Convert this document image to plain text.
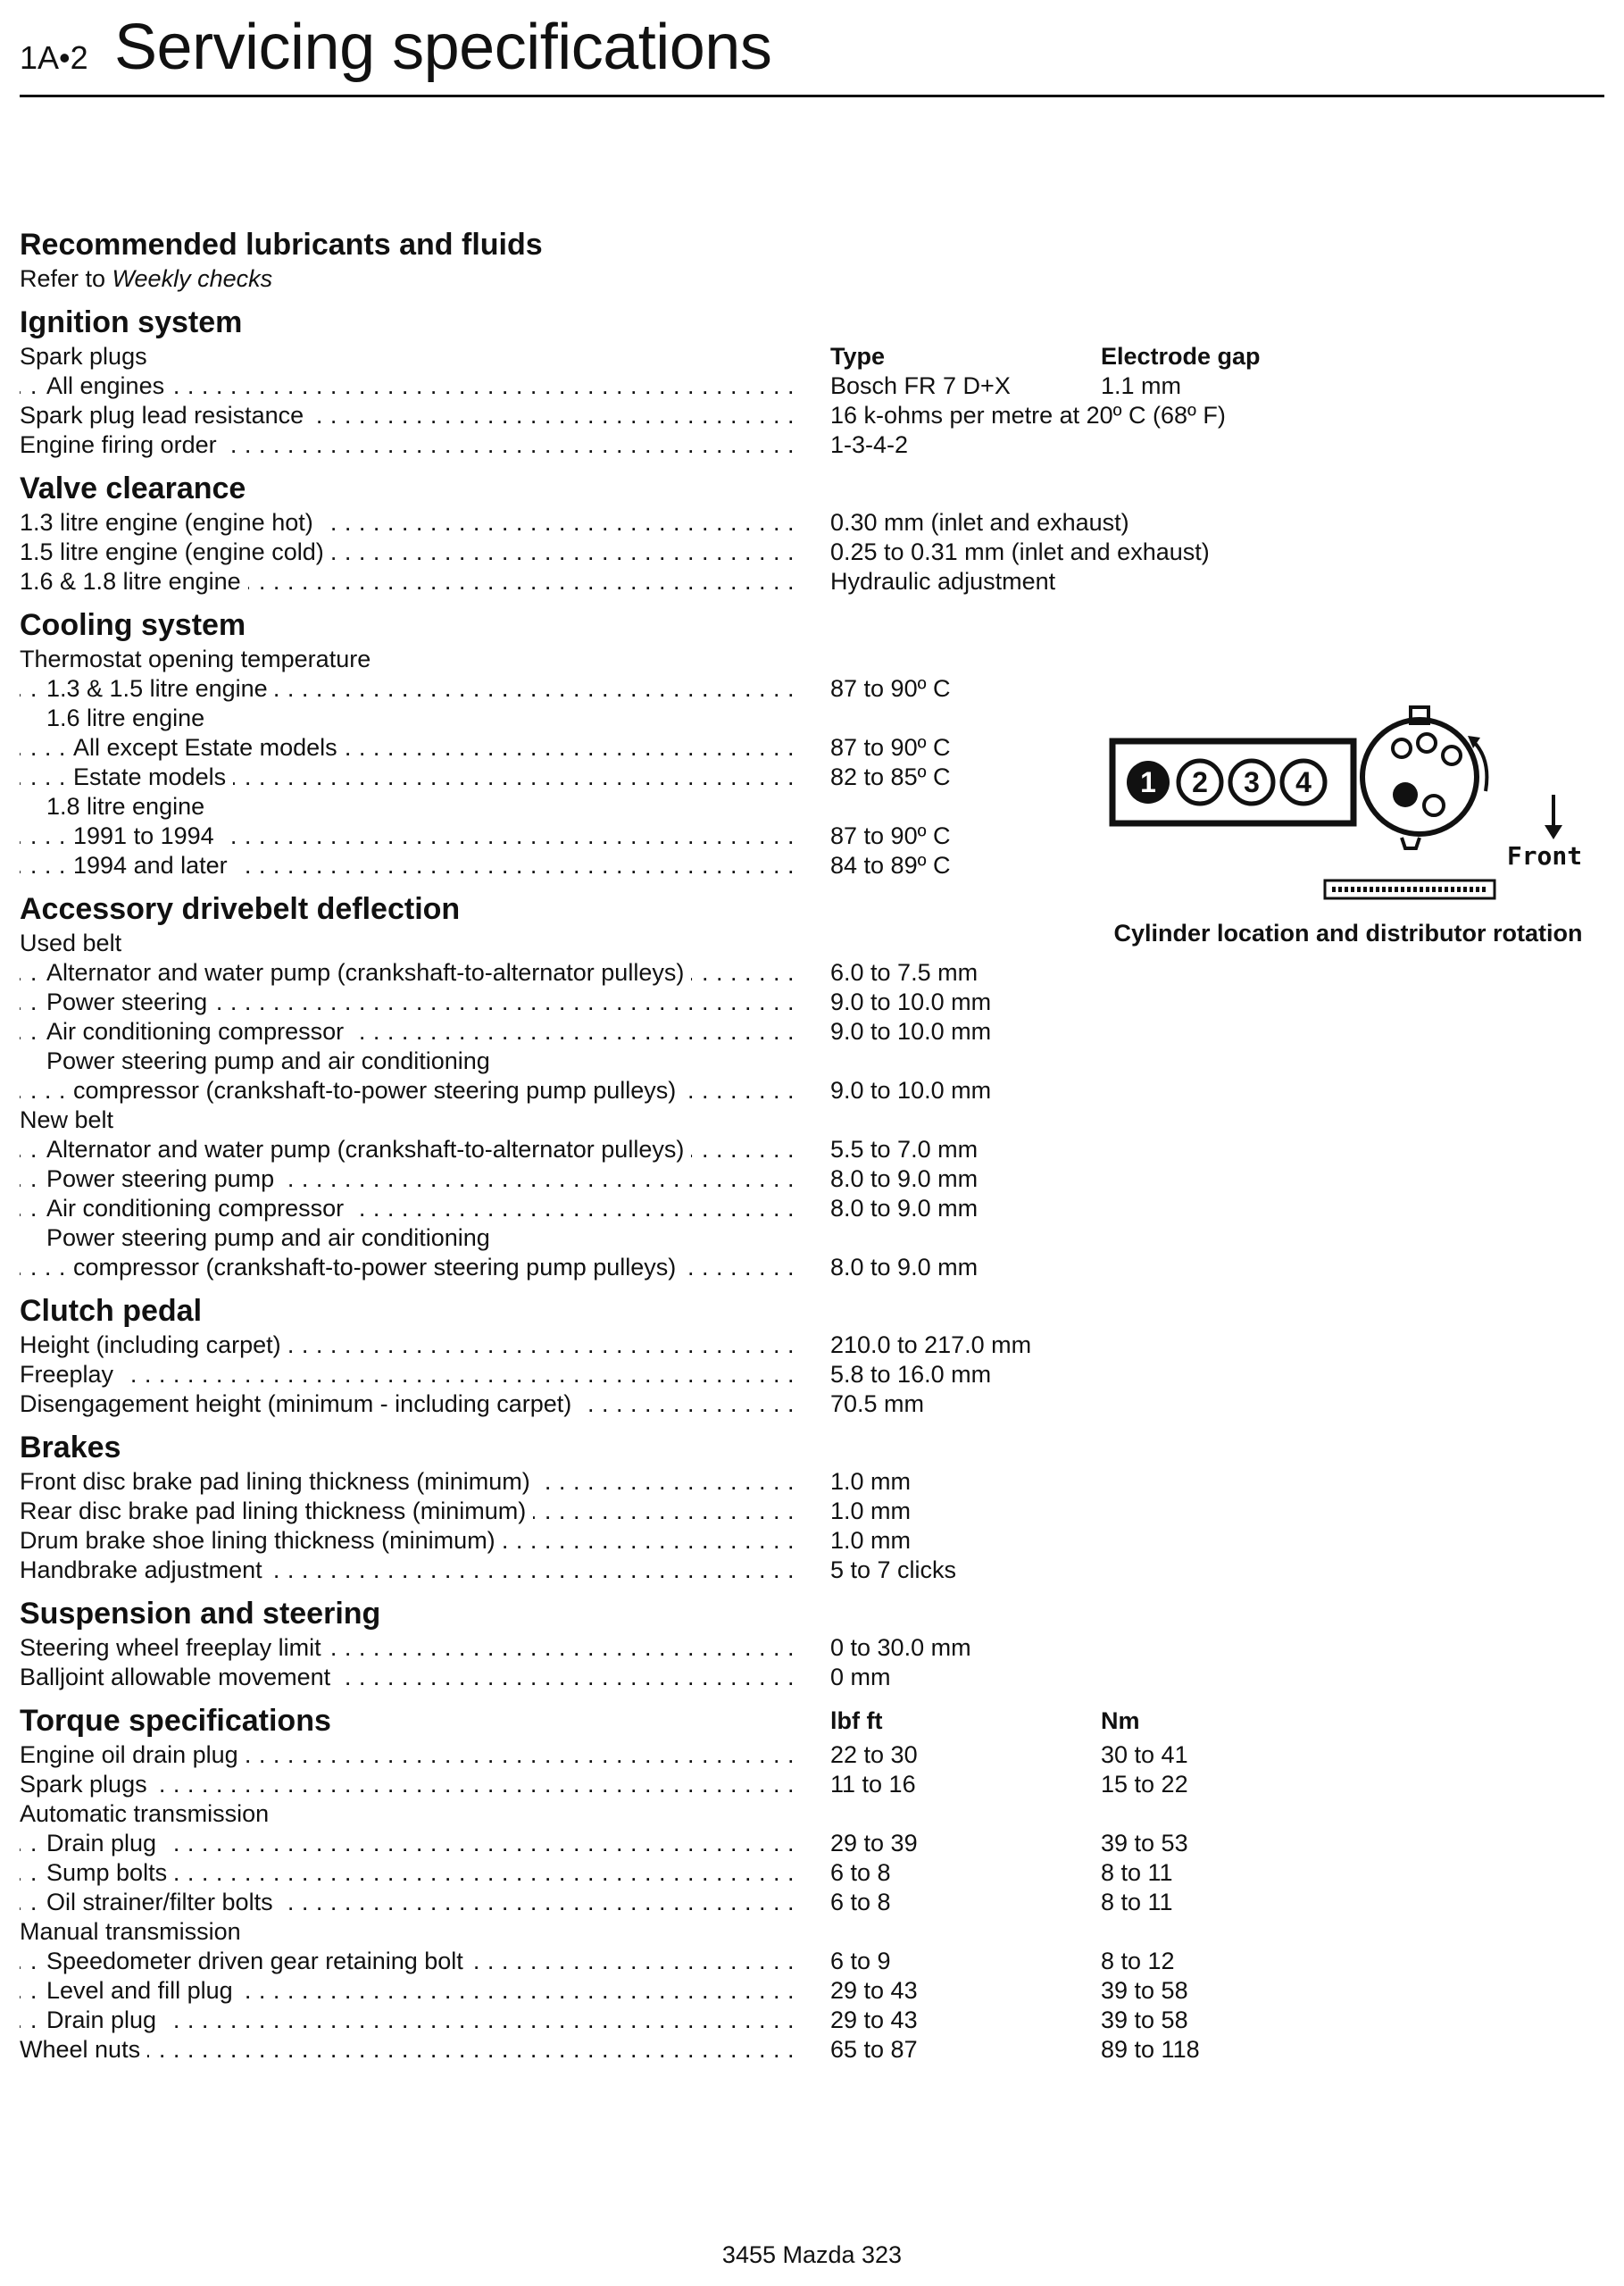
1A•2 Servicing specifications
Recommended lubricants and fluids
Refer to Weekly checks
Ignition system
Spark plugs	Type	Electrode gap
All engines . . .	Bosch FR 7 D+X	1.1 mm
Spark plug lead resistance . . .	16 k-ohms per metre at 20º C (68º F)
Engine firing order . . .	1-3-4-2
Valve clearance
1.3 litre engine (engine hot) . . .	0.30 mm (inlet and exhaust)
1.5 litre engine (engine cold) . . .	0.25 to 0.31 mm (inlet and exhaust)
1.6 & 1.8 litre engine . . .	Hydraulic adjustment
Cooling system
Thermostat opening temperature
1.3 & 1.5 litre engine . . .	87 to 90º C
1.6 litre engine
All except Estate models . . .	87 to 90º C
Estate models . . .	82 to 85º C
1.8 litre engine
1991 to 1994 . . .	87 to 90º C
1994 and later . . .	84 to 89º C
Accessory drivebelt deflection
Used belt
Alternator and water pump (crankshaft-to-alternator pulleys) . . .	6.0 to 7.5 mm
Power steering . . .	9.0 to 10.0 mm
Air conditioning compressor . . .	9.0 to 10.0 mm
Power steering pump and air conditioning
compressor (crankshaft-to-power steering pump pulleys) . . .	9.0 to 10.0 mm
New belt
Alternator and water pump (crankshaft-to-alternator pulleys) . . .	5.5 to 7.0 mm
Power steering pump . . .	8.0 to 9.0 mm
Air conditioning compressor . . .	8.0 to 9.0 mm
Power steering pump and air conditioning
compressor (crankshaft-to-power steering pump pulleys) . . .	8.0 to 9.0 mm
Clutch pedal
Height (including carpet) . . .	210.0 to 217.0 mm
Freeplay . . .	5.8 to 16.0 mm
Disengagement height (minimum - including carpet) . . .	70.5 mm
Brakes
Front disc brake pad lining thickness (minimum) . . .	1.0 mm
Rear disc brake pad lining thickness (minimum) . . .	1.0 mm
Drum brake shoe lining thickness (minimum) . . .	1.0 mm
Handbrake adjustment . . .	5 to 7 clicks
Suspension and steering
Steering wheel freeplay limit . . .	0 to 30.0 mm
Balljoint allowable movement . . .	0 mm
Torque specifications	lbf ft	Nm
Engine oil drain plug . . .	22 to 30	30 to 41
Spark plugs . . .	11 to 16	15 to 22
Automatic transmission
Drain plug . . .	29 to 39	39 to 53
Sump bolts . . .	6 to 8	8 to 11
Oil strainer/filter bolts . . .	6 to 8	8 to 11
Manual transmission
Speedometer driven gear retaining bolt . . .	6 to 9	8 to 12
Level and fill plug . . .	29 to 43	39 to 58
Drain plug . . .	29 to 43	39 to 58
Wheel nuts . . .	65 to 87	89 to 118
1 2 3 4
Front
Cylinder location and distributor rotation
3455 Mazda 323
